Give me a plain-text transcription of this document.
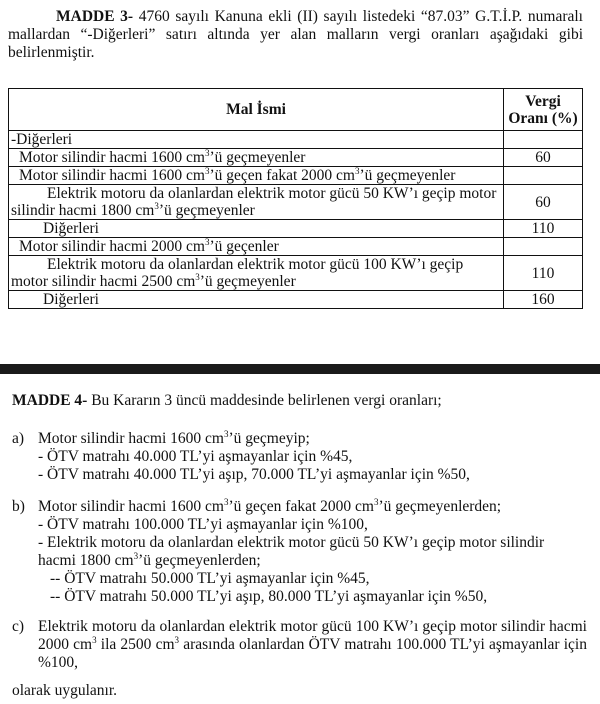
MADDE 3- 4760 sayılı Kanuna ekli (II) sayılı listedeki “87.03” G.T.İ.P. numaralı mallardan “-Diğerleri” satırı altında yer alan malların vergi oranları aşağıdaki gibi belirlenmiştir.
Mal İsmi	Vergi Oranı (%)
-Diğerleri	
Motor silindir hacmi 1600 $cm^3’ü$ geçmeyenler	60
Motor silindir hacmi 1600 $cm^3’ü$ geçen fakat 2000 $cm^3’ü$ geçmeyenler	
Elektrik motoru da olanlardan elektrik motor gücü 50 KW’ı geçip motor silindir hacmi 1800 $cm^3’ü$ geçmeyenler	60
Diğerleri	110
Motor silindir hacmi 2000 $cm^3’ü$ geçenler	
Elektrik motoru da olanlardan elektrik motor gücü 100 KW’ı geçip motor silindir hacmi 2500 $cm^3’ü$ geçmeyenler	110
Diğerleri	160
MADDE 4- Bu Kararın 3 üncü maddesinde belirlenen vergi oranları;
a) Motor silindir hacmi 1600 $cm^3’ü$ geçmeyip;
- ÖTV matrahı 40.000 TL’yi aşmayanlar için %45,
- ÖTV matrahı 40.000 TL’yi aşıp, 70.000 TL’yi aşmayanlar için %50,
b) Motor silindir hacmi 1600 $cm^3’ü$ geçen fakat 2000 $cm^3’ü$ geçmeyenlerden;
- ÖTV matrahı 100.000 TL’yi aşmayanlar için %100,
- Elektrik motoru da olanlardan elektrik motor gücü 50 KW’ı geçip motor silindir
hacmi 1800 $cm^3’ü$ geçmeyenlerden;
-- ÖTV matrahı 50.000 TL’yi aşmayanlar için %45,
-- ÖTV matrahı 50.000 TL’yi aşıp, 80.000 TL’yi aşmayanlar için %50,
c) Elektrik motoru da olanlardan elektrik motor gücü 100 KW’ı geçip motor silindir hacmi 2000 $cm^3$ ila 2500 $cm^3$ arasında olanlardan ÖTV matrahı 100.000 TL’yi aşmayanlar için %100,
olarak uygulanır.
